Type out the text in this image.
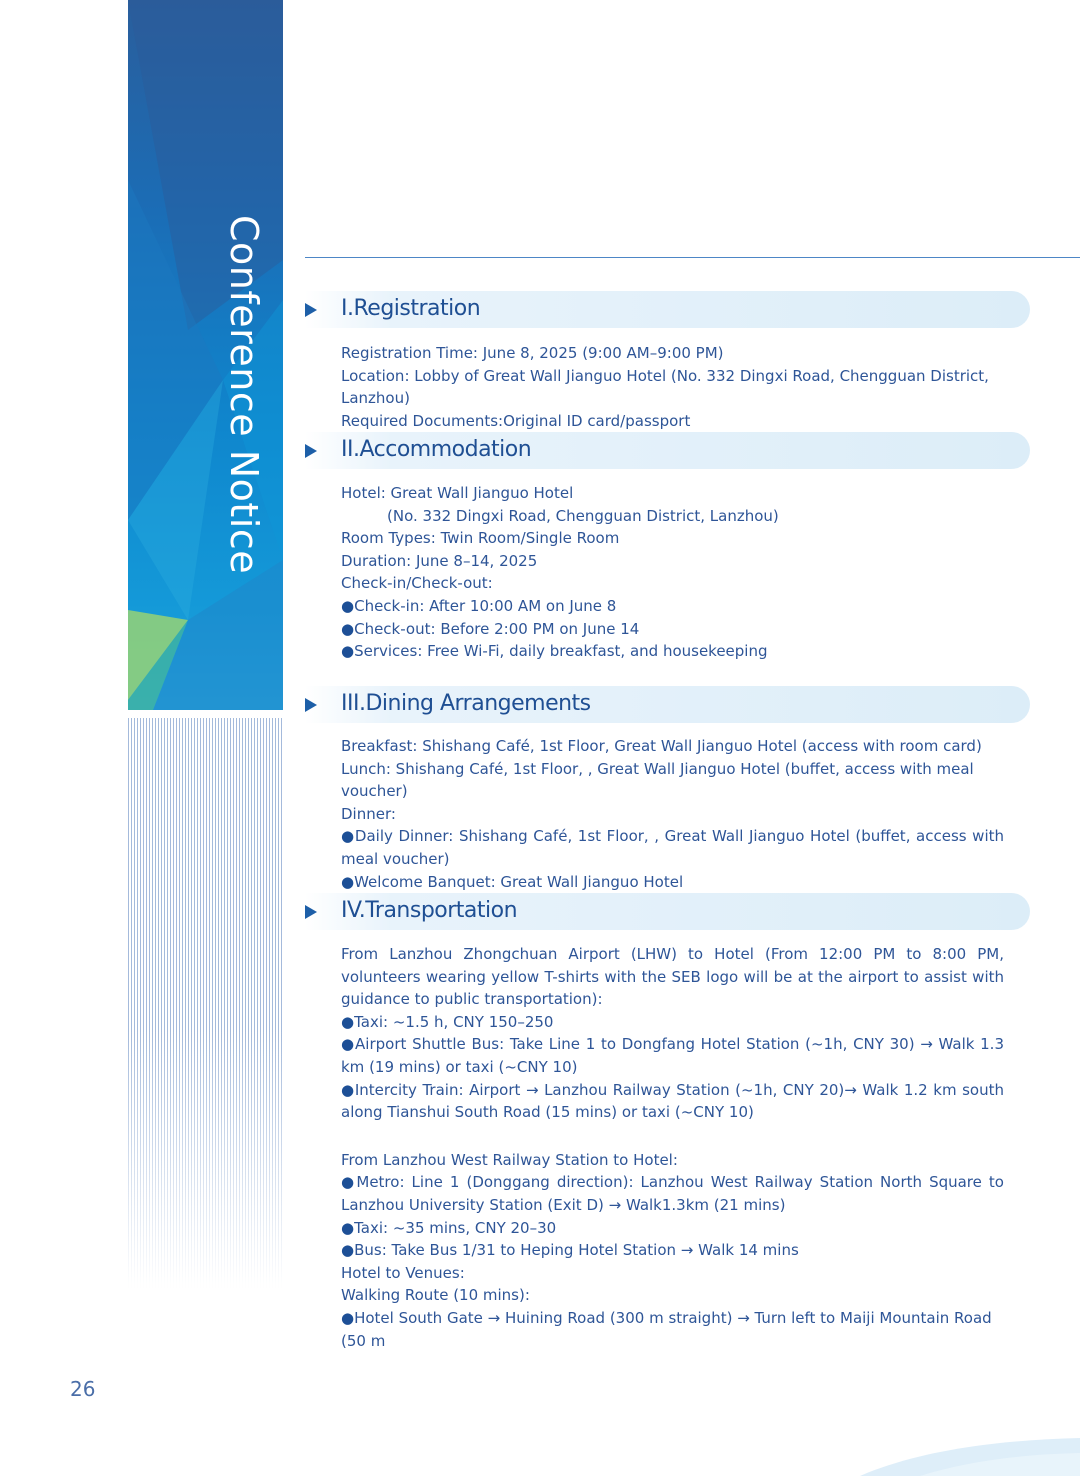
Conference Notice	I.Registration

Registration Time: June 8, 2025 (9:00 AM–9:00 PM)

Location: Lobby of Great Wall Jianguo Hotel (No. 332 Dingxi Road, Chengguan District, Lanzhou)

Required Documents:Original ID card/passport

II.Accommodation

Hotel: Great Wall Jianguo Hotel

(No. 332 Dingxi Road, Chengguan District, Lanzhou)

Room Types: Twin Room/Single Room

Duration: June 8–14, 2025

Check-in/Check-out:

●Check-in: After 10:00 AM on June 8

●Check-out: Before 2:00 PM on June 14

●Services: Free Wi-Fi, daily breakfast, and housekeeping

III.Dining Arrangements

Breakfast: Shishang Café, 1st Floor, Great Wall Jianguo Hotel (access with room card)

Lunch: Shishang Café, 1st Floor, , Great Wall Jianguo Hotel (buffet, access with meal voucher)

Dinner:

●Daily Dinner: Shishang Café, 1st Floor, , Great Wall Jianguo Hotel (buffet, access with meal voucher)

●Welcome Banquet: Great Wall Jianguo Hotel

IV.Transportation

From Lanzhou Zhongchuan Airport (LHW) to Hotel (From 12:00 PM to 8:00 PM, volunteers wearing yellow T-shirts with the SEB logo will be at the airport to assist with guidance to public transportation):

●Taxi: ~1.5 h, CNY 150–250

●Airport Shuttle Bus: Take Line 1 to Dongfang Hotel Station (~1h, CNY 30) → Walk 1.3 km (19 mins) or taxi (~CNY 10)

●Intercity Train: Airport → Lanzhou Railway Station (~1h, CNY 20)→ Walk 1.2 km south along Tianshui South Road (15 mins) or taxi (~CNY 10)

From Lanzhou West Railway Station to Hotel:

●Metro: Line 1 (Donggang direction): Lanzhou West Railway Station North Square to Lanzhou University Station (Exit D) → Walk1.3km (21 mins)

●Taxi: ~35 mins, CNY 20–30

●Bus: Take Bus 1/31 to Heping Hotel Station → Walk 14 mins

Hotel to Venues:

Walking Route (10 mins):

●Hotel South Gate → Huining Road (300 m straight) → Turn left to Maiji Mountain Road (50 m

26
